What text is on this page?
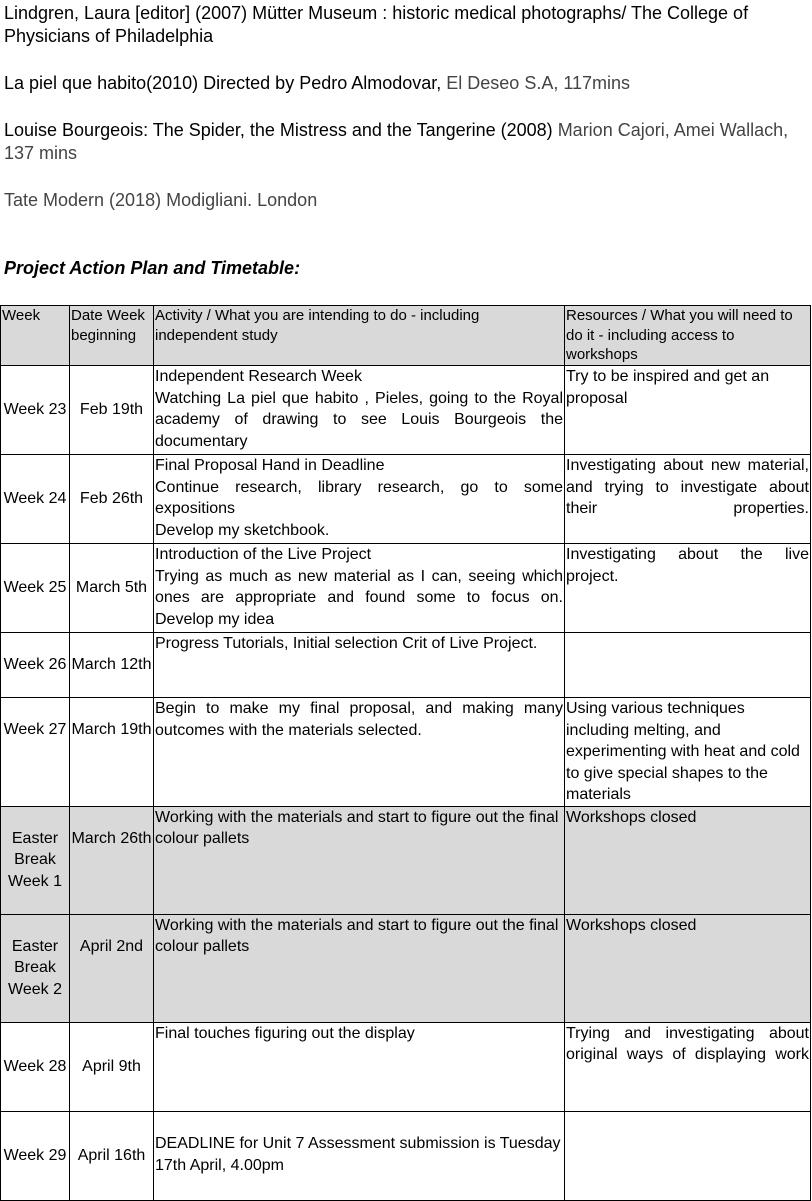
Lindgren, Laura [editor] (2007) Mütter Museum : historic medical photographs/ The College of Physicians of Philadelphia

La piel que habito(2010) Directed by Pedro Almodovar, El Deseo S.A, 117mins

Louise Bourgeois: The Spider, the Mistress and the Tangerine (2008) Marion Cajori, Amei Wallach, 137 mins

Tate Modern (2018) Modigliani. London

Project Action Plan and Timetable:
Week	Date Week beginning	Activity / What you are intending to do - including independent study	Resources / What you will need to do it - including access to workshops
Week 23	Feb 19th	Independent Research Week
Watching La piel que habito , Pieles, going to the Royal academy of drawing to see Louis Bourgeois the documentary	Try to be inspired and get an proposal

Week 24	Feb 26th	Final Proposal Hand in Deadline
Continue research, library research, go to some expositions
Develop my sketchbook.	Investigating about new material, and trying to investigate about their properties.

Week 25	March 5th	Introduction of the Live Project
Trying as much as new material as I can, seeing which ones are appropriate and found some to focus on. Develop my idea	Investigating about the live project.

Week 26	March 12th	Progress Tutorials, Initial selection Crit of Live Project.	

Week 27	March 19th	Begin to make my final proposal, and making many outcomes with the materials selected.	Using various techniques including melting, and experimenting with heat and cold to give special shapes to the materials

Easter Break Week 1	March 26th	Working with the materials and start to figure out the final colour pallets	Workshops closed

Easter Break Week 2	April 2nd	Working with the materials and start to figure out the final colour pallets	Workshops closed

Week 28	April 9th	Final touches figuring out the display	Trying and investigating about original ways of displaying work

Week 29	April 16th	DEADLINE for Unit 7 Assessment submission is Tuesday 17th April, 4.00pm	
